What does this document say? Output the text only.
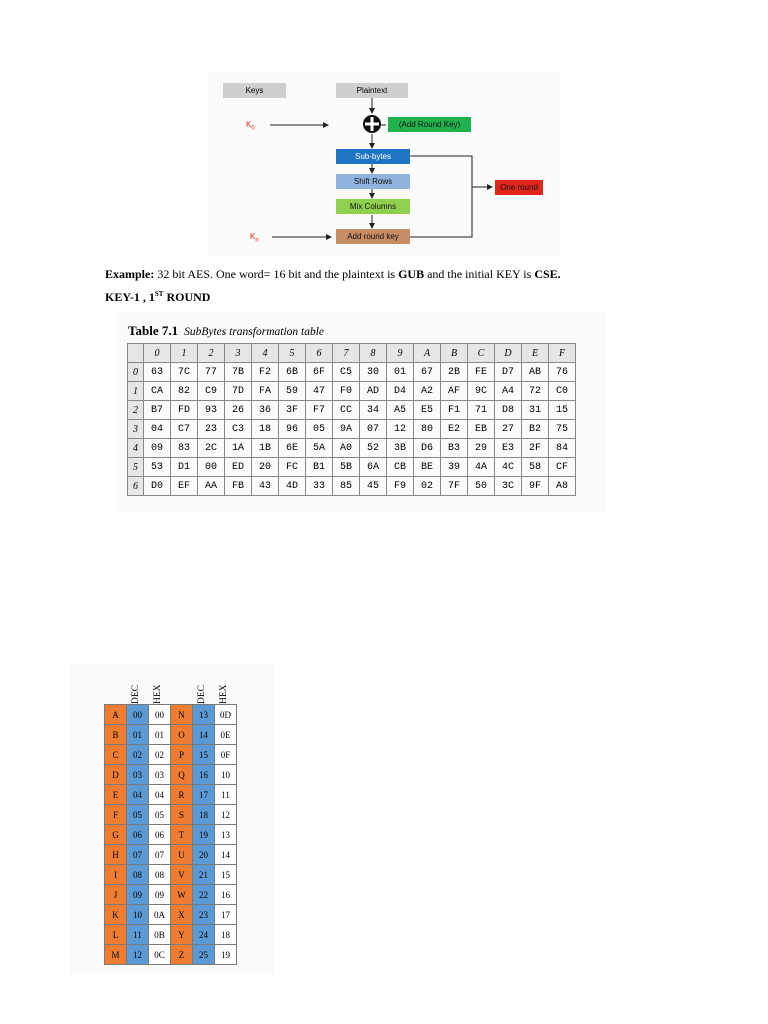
Keys	Plaintext
$K_0$	(Add Round Key)
Sub-bytes
Shift Rows
Mix Columns
Add round key
$K_n$
One round
Example: 32 bit AES. One word= 16 bit and the plaintext is GUB and the initial KEY is CSE.
KEY-1 , 1ST ROUND
Table 7.1 SubBytes transformation table
	0	1	2	3	4	5	6	7	8	9	A	B	C	D	E	F
0	63	7C	77	7B	F2	6B	6F	C5	30	01	67	2B	FE	D7	AB	76
1	CA	82	C9	7D	FA	59	47	F0	AD	D4	A2	AF	9C	A4	72	C0
2	B7	FD	93	26	36	3F	F7	CC	34	A5	E5	F1	71	D8	31	15
3	04	C7	23	C3	18	96	05	9A	07	12	80	E2	EB	27	B2	75
4	09	83	2C	1A	1B	6E	5A	A0	52	3B	D6	B3	29	E3	2F	84
5	53	D1	00	ED	20	FC	B1	5B	6A	CB	BE	39	4A	4C	58	CF
6	D0	EF	AA	FB	43	4D	33	85	45	F9	02	7F	50	3C	9F	A8
DEC HEX	DEC HEX
A	00	00	N	13	0D
B	01	01	O	14	0E
C	02	02	P	15	0F
D	03	03	Q	16	10
E	04	04	R	17	11
F	05	05	S	18	12
G	06	06	T	19	13
H	07	07	U	20	14
I	08	08	V	21	15
J	09	09	W	22	16
K	10	0A	X	23	17
L	11	0B	Y	24	18
M	12	0C	Z	25	19
